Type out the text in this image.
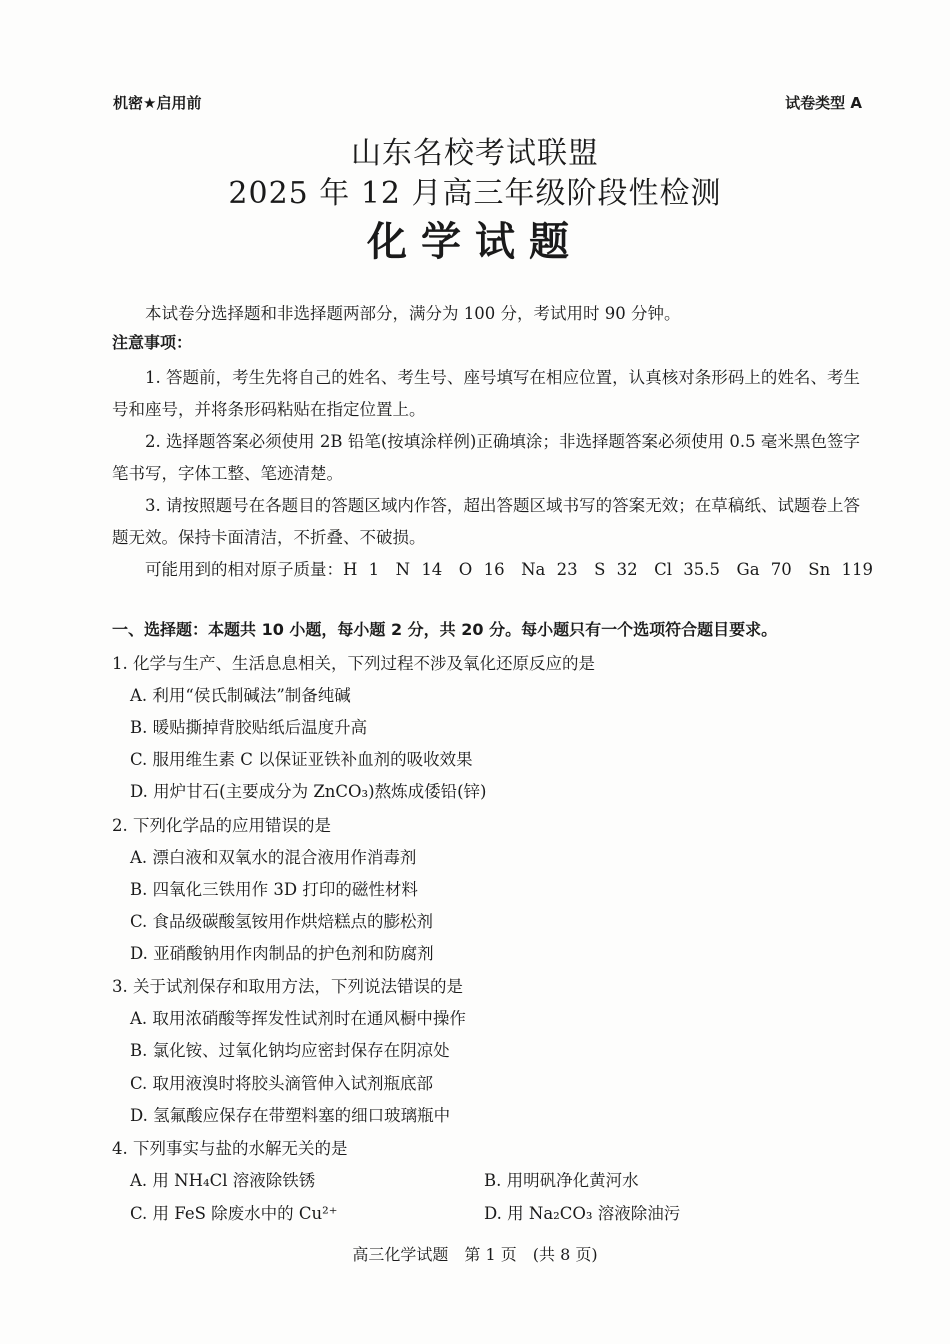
机密★启用前	试卷类型 A
山东名校考试联盟
2025 年 12 月高三年级阶段性检测
化学试题
本试卷分选择题和非选择题两部分，满分为 100 分，考试用时 90 分钟。
注意事项：
1. 答题前，考生先将自己的姓名、考生号、座号填写在相应位置，认真核对条形码上的姓名、考生号和座号，并将条形码粘贴在指定位置上。
2. 选择题答案必须使用 2B 铅笔(按填涂样例)正确填涂；非选择题答案必须使用 0.5 毫米黑色签字笔书写，字体工整、笔迹清楚。
3. 请按照题号在各题目的答题区域内作答，超出答题区域书写的答案无效；在草稿纸、试题卷上答题无效。保持卡面清洁，不折叠、不破损。
可能用到的相对原子质量：H 1　N 14　O 16　Na 23　S 32　Cl 35.5　Ga 70　Sn 119
一、选择题：本题共 10 小题，每小题 2 分，共 20 分。每小题只有一个选项符合题目要求。
1. 化学与生产、生活息息相关，下列过程不涉及氧化还原反应的是
A. 利用“侯氏制碱法”制备纯碱
B. 暖贴撕掉背胶贴纸后温度升高
C. 服用维生素 C 以保证亚铁补血剂的吸收效果
D. 用炉甘石(主要成分为 ZnCO₃)熬炼成倭铅(锌)
2. 下列化学品的应用错误的是
A. 漂白液和双氧水的混合液用作消毒剂
B. 四氧化三铁用作 3D 打印的磁性材料
C. 食品级碳酸氢铵用作烘焙糕点的膨松剂
D. 亚硝酸钠用作肉制品的护色剂和防腐剂
3. 关于试剂保存和取用方法，下列说法错误的是
A. 取用浓硝酸等挥发性试剂时在通风橱中操作
B. 氯化铵、过氧化钠均应密封保存在阴凉处
C. 取用液溴时将胶头滴管伸入试剂瓶底部
D. 氢氟酸应保存在带塑料塞的细口玻璃瓶中
4. 下列事实与盐的水解无关的是
A. 用 NH₄Cl 溶液除铁锈	B. 用明矾净化黄河水
C. 用 FeS 除废水中的 Cu²⁺	D. 用 Na₂CO₃ 溶液除油污
高三化学试题　第 1 页　(共 8 页)
